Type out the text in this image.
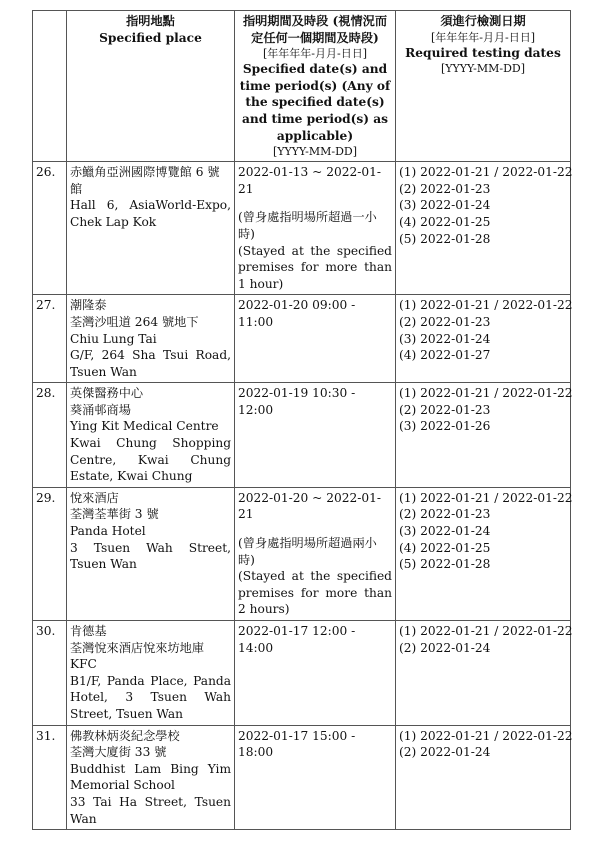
	指明地點
Specified place	指明期間及時段 (視情況而定任何一個期間及時段)
[年年年年-月月-日日]
Specified date(s) and time period(s) (Any of the specified date(s) and time period(s) as applicable)
[YYYY-MM-DD]	須進行檢測日期
[年年年年-月月-日日]
Required testing dates
[YYYY-MM-DD]

26.	赤鱲角亞洲國際博覽館 6 號館
Hall 6, AsiaWorld-Expo, Chek Lap Kok	2022-01-13 ~ 2022-01-21
(曾身處指明場所超過一小時)
(Stayed at the specified premises for more than 1 hour)	(1) 2022-01-21 / 2022-01-22
(2) 2022-01-23
(3) 2022-01-24
(4) 2022-01-25
(5) 2022-01-28

27.	潮隆泰
荃灣沙咀道 264 號地下
Chiu Lung Tai
G/F, 264 Sha Tsui Road, Tsuen Wan	2022-01-20 09:00 - 11:00	(1) 2022-01-21 / 2022-01-22
(2) 2022-01-23
(3) 2022-01-24
(4) 2022-01-27

28.	英傑醫務中心
葵涌邨商場
Ying Kit Medical Centre
Kwai Chung Shopping Centre, Kwai Chung Estate, Kwai Chung	2022-01-19 10:30 - 12:00	(1) 2022-01-21 / 2022-01-22
(2) 2022-01-23
(3) 2022-01-26

29.	悅來酒店
荃灣荃華街 3 號
Panda Hotel
3 Tsuen Wah Street, Tsuen Wan	2022-01-20 ~ 2022-01-21
(曾身處指明場所超過兩小時)
(Stayed at the specified premises for more than 2 hours)	(1) 2022-01-21 / 2022-01-22
(2) 2022-01-23
(3) 2022-01-24
(4) 2022-01-25
(5) 2022-01-28

30.	肯德基
荃灣悅來酒店悅來坊地庫
KFC
B1/F, Panda Place, Panda Hotel, 3 Tsuen Wah Street, Tsuen Wan	2022-01-17 12:00 - 14:00	(1) 2022-01-21 / 2022-01-22
(2) 2022-01-24

31.	佛教林炳炎紀念學校
荃灣大廈街 33 號
Buddhist Lam Bing Yim Memorial School
33 Tai Ha Street, Tsuen Wan	2022-01-17 15:00 - 18:00	(1) 2022-01-21 / 2022-01-22
(2) 2022-01-24
